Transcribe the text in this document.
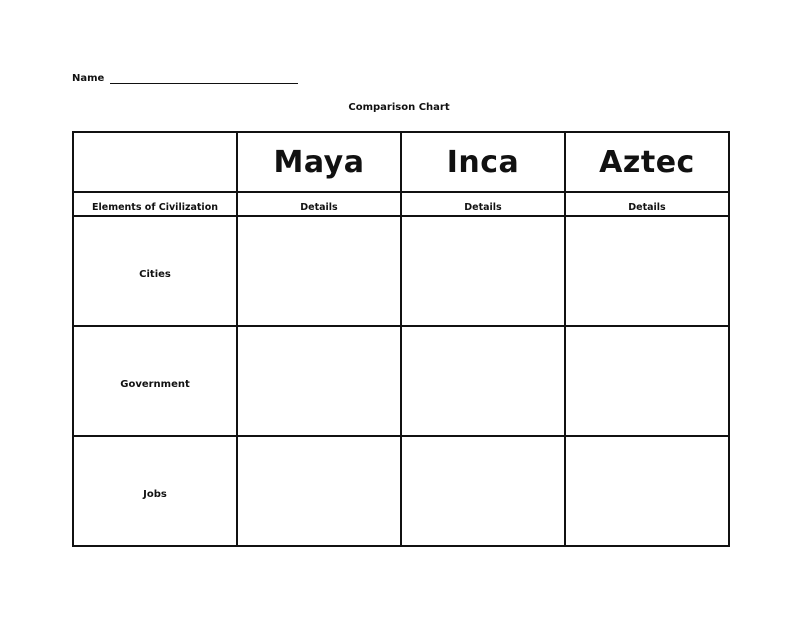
Name
Comparison Chart
	Maya	Inca	Aztec
Elements of Civilization	Details	Details	Details
Cities			
Government			
Jobs			
